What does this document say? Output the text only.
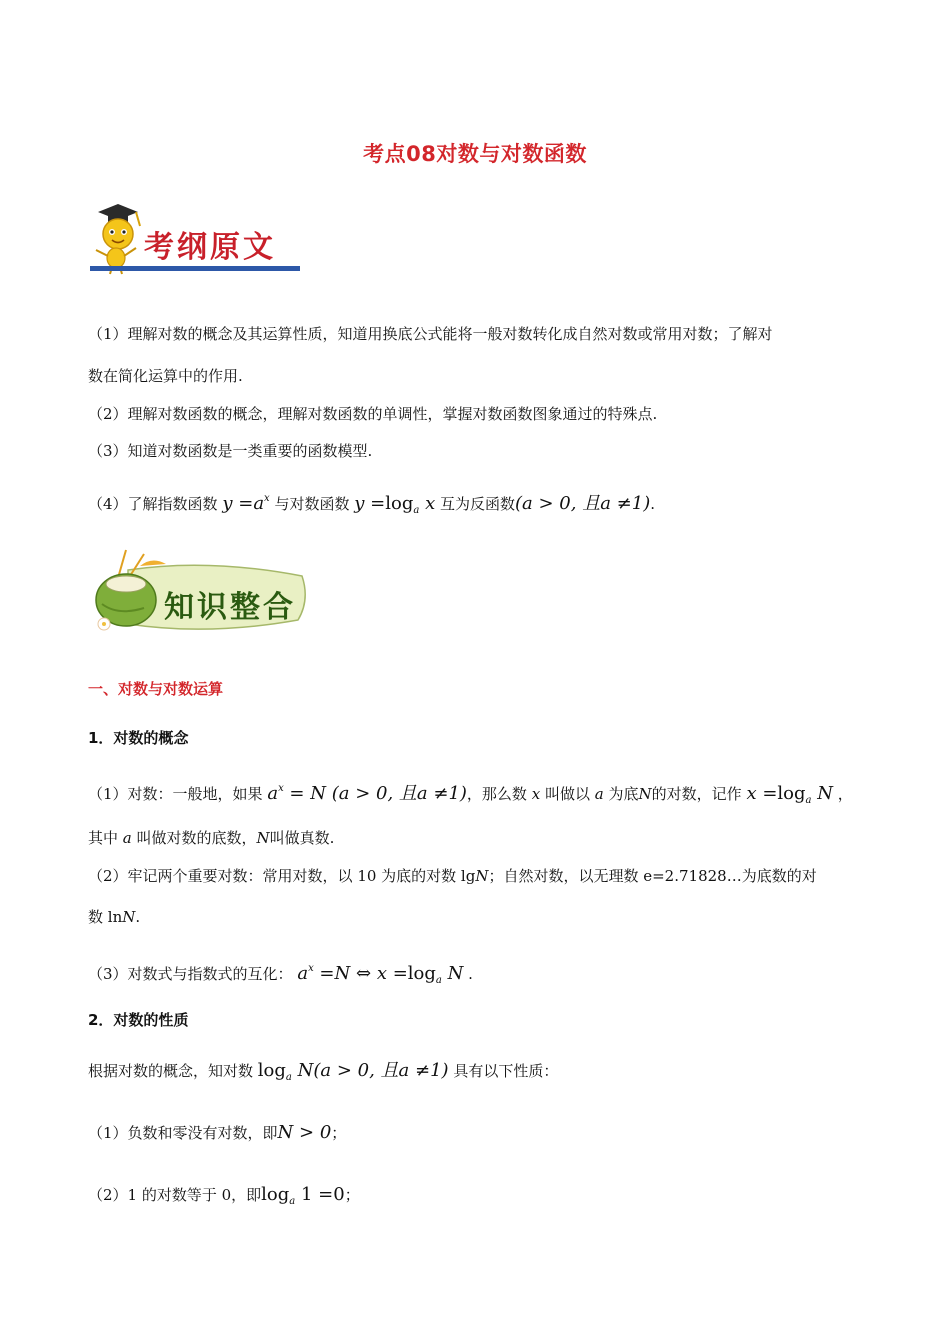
考点08对数与对数函数
考纲原文
（1）理解对数的概念及其运算性质，知道用换底公式能将一般对数转化成自然对数或常用对数；了解对
数在简化运算中的作用.
（2）理解对数函数的概念，理解对数函数的单调性，掌握对数函数图象通过的特殊点.
（3）知道对数函数是一类重要的函数模型.
（4）了解指数函数 $y =a^x$ 与对数函数 $y =\log_a$ x 互为反函数(a > 0, 且a ≠1).
知识整合
一、对数与对数运算
1．对数的概念
（1）对数：一般地，如果 $a^x = N$ (a > 0, 且a ≠1)，那么数 x 叫做以 a 为底N的对数，记作 $x =\log_a$ N ，
其中 a 叫做对数的底数，N叫做真数.
（2）牢记两个重要对数：常用对数，以 10 为底的对数 lgN；自然对数，以无理数 e=2.71828…为底数的对
数 lnN.
（3）对数式与指数式的互化： $a^x =N$ ⇔ $x =\log_a$ N .
2．对数的性质
根据对数的概念，知对数 $\log_a N(a > 0$, 且a ≠1) 具有以下性质：
（1）负数和零没有对数，即N > 0；
（2）1 的对数等于 0，即$\log_a 1 =0$；
